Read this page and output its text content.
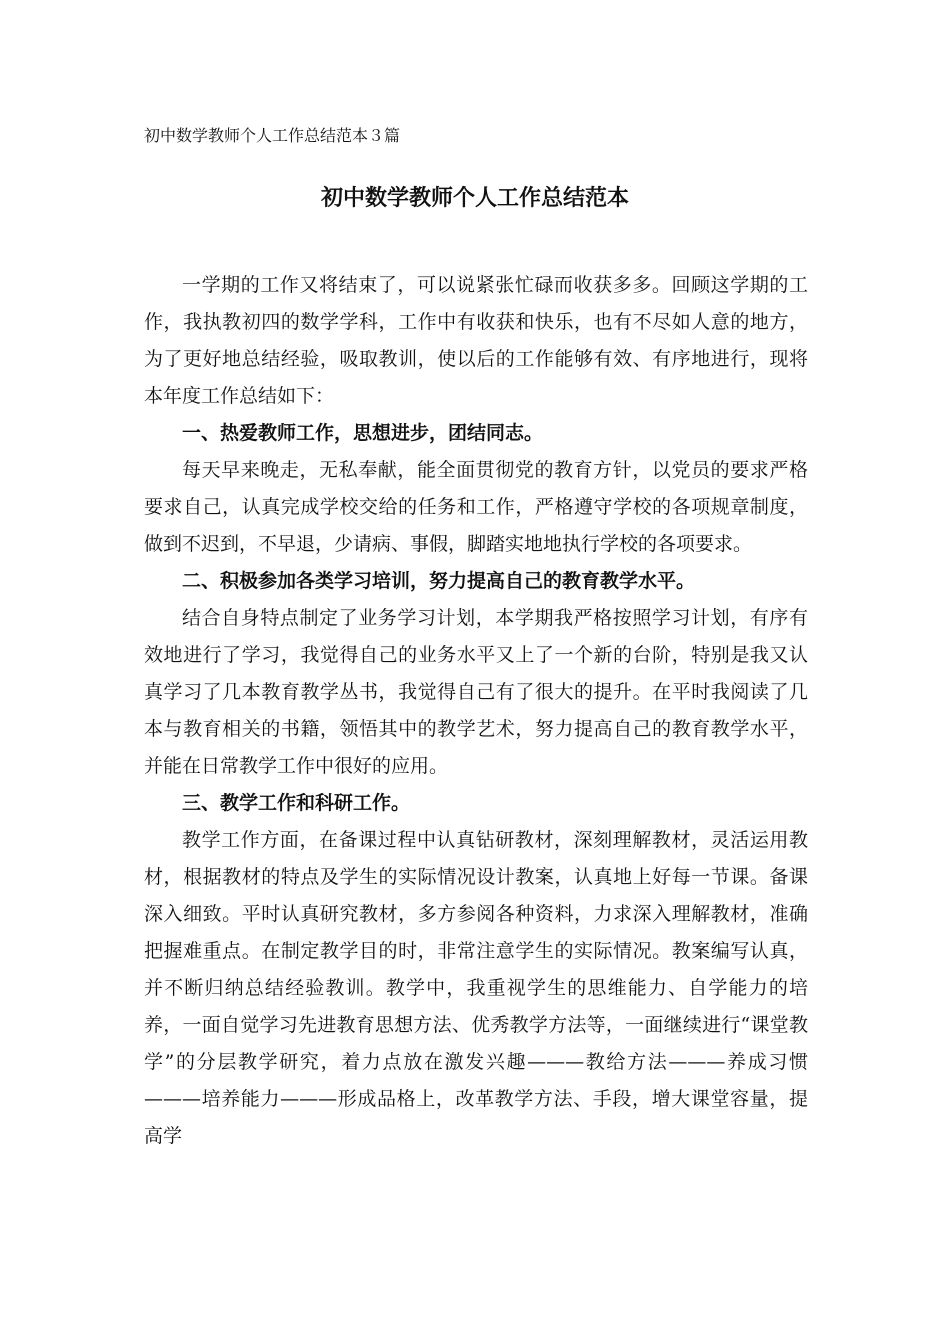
初中数学教师个人工作总结范本３篇
初中数学教师个人工作总结范本

一学期的工作又将结束了，可以说紧张忙碌而收获多多。回顾这学期的工作，我执教初四的数学学科，工作中有收获和快乐，也有不尽如人意的地方，为了更好地总结经验，吸取教训，使以后的工作能够有效、有序地进行，现将本年度工作总结如下：

一、热爱教师工作，思想进步，团结同志。

每天早来晚走，无私奉献，能全面贯彻党的教育方针，以党员的要求严格要求自己，认真完成学校交给的任务和工作，严格遵守学校的各项规章制度，做到不迟到，不早退，少请病、事假，脚踏实地地执行学校的各项要求。

二、积极参加各类学习培训，努力提高自己的教育教学水平。

结合自身特点制定了业务学习计划，本学期我严格按照学习计划，有序有效地进行了学习，我觉得自己的业务水平又上了一个新的台阶，特别是我又认真学习了几本教育教学丛书，我觉得自己有了很大的提升。在平时我阅读了几本与教育相关的书籍，领悟其中的教学艺术，努力提高自己的教育教学水平，并能在日常教学工作中很好的应用。

三、教学工作和科研工作。

教学工作方面，在备课过程中认真钻研教材，深刻理解教材，灵活运用教材，根据教材的特点及学生的实际情况设计教案，认真地上好每一节课。备课深入细致。平时认真研究教材，多方参阅各种资料，力求深入理解教材，准确把握难重点。在制定教学目的时，非常注意学生的实际情况。教案编写认真，并不断归纳总结经验教训。教学中，我重视学生的思维能力、自学能力的培养，一面自觉学习先进教育思想方法、优秀教学方法等，一面继续进行“课堂教学”的分层教学研究，着力点放在激发兴趣———教给方法———养成习惯———培养能力———形成品格上，改革教学方法、手段，增大课堂容量，提高学
